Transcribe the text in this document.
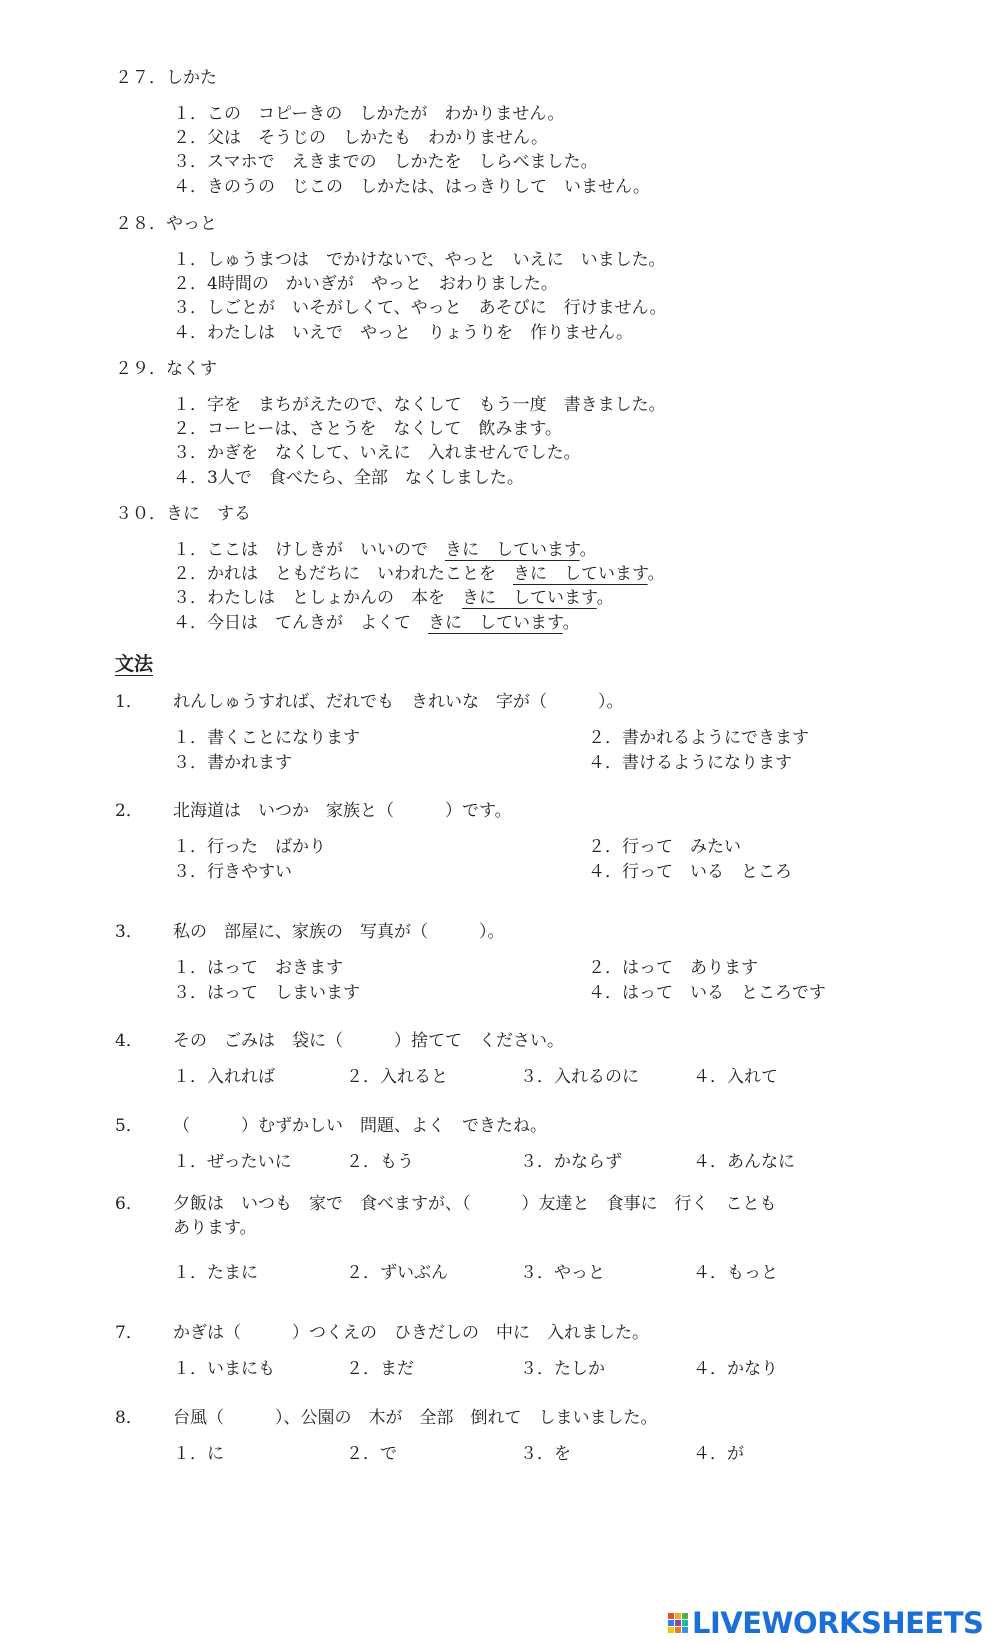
２７．しかた
１．この　コピーきの　しかたが　わかりません。
２．父は　そうじの　しかたも　わかりません。
３．スマホで　えきまでの　しかたを　しらべました。
４．きのうの　じこの　しかたは、はっきりして　いません。
２８．やっと
１．しゅうまつは　でかけないで、やっと　いえに　いました。
２．4時間の　かいぎが　やっと　おわりました。
３．しごとが　いそがしくて、やっと　あそびに　行けません。
４．わたしは　いえで　やっと　りょうりを　作りません。
２９．なくす
１．字を　まちがえたので、なくして　もう一度　書きました。
２．コーヒーは、さとうを　なくして　飲みます。
３．かぎを　なくして、いえに　入れませんでした。
４．3人で　食べたら、全部　なくしました。
３０．きに　する
１．ここは　けしきが　いいので　きに　しています。
２．かれは　ともだちに　いわれたことを　きに　しています。
３．わたしは　としょかんの　本を　きに　しています。
４．今日は　てんきが　よくて　きに　しています。
文法
1． れんしゅうすれば、だれでも　きれいな　字が（　　　）。
１．書くことになります	２．書かれるようにできます
３．書かれます	４．書けるようになります
2． 北海道は　いつか　家族と（　　　）です。
１．行った　ばかり	２．行って　みたい
３．行きやすい	４．行って　いる　ところ
3． 私の　部屋に、家族の　写真が（　　　）。
１．はって　おきます	２．はって　あります
３．はって　しまいます	４．はって　いる　ところです
4． その　ごみは　袋に（　　　）捨てて　ください。
１．入れれば	２．入れると	３．入れるのに	４．入れて
5． （　　　）むずかしい　問題、よく　できたね。
１．ぜったいに	２．もう	３．かならず	４．あんなに
6． 夕飯は　いつも　家で　食べますが、（　　　）友達と　食事に　行く　ことも
あります。
１．たまに	２．ずいぶん	３．やっと	４．もっと
7． かぎは（　　　）つくえの　ひきだしの　中に　入れました。
１．いまにも	２．まだ	３．たしか	４．かなり
8． 台風（　　　）、公園の　木が　全部　倒れて　しまいました。
１．に	２．で	３．を	４．が
LIVEWORKSHEETS
